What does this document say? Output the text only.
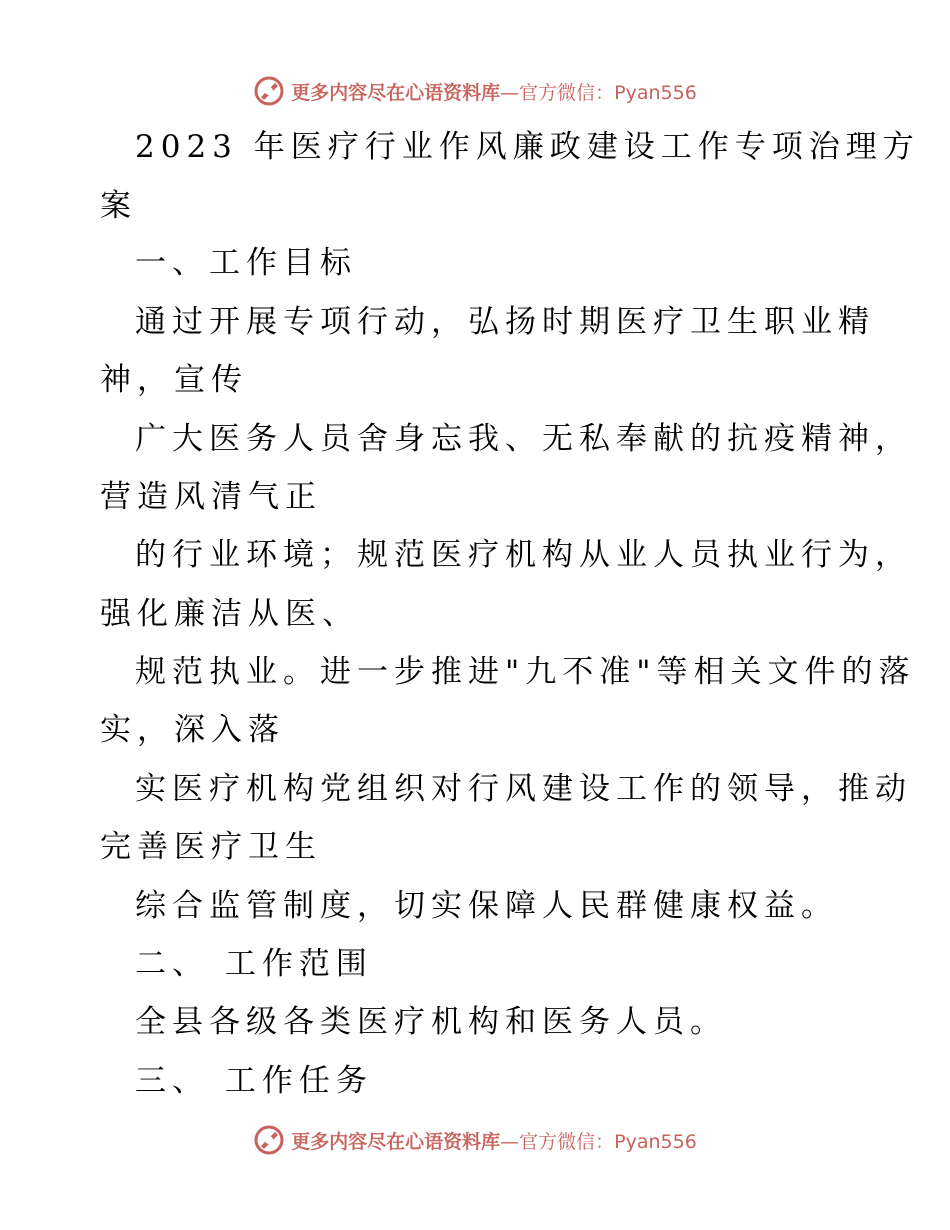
更多内容尽在心语资料库 —官方微信：Pyan556
2023 年医疗行业作风廉政建设工作专项治理方
案
一、工作目标
通过开展专项行动，弘扬时期医疗卫生职业精
神，宣传
广大医务人员舍身忘我、无私奉献的抗疫精神，
营造风清气正
的行业环境；规范医疗机构从业人员执业行为，
强化廉洁从医、
规范执业。进一步推进"九不准"等相关文件的落
实，深入落
实医疗机构党组织对行风建设工作的领导，推动
完善医疗卫生
综合监管制度，切实保障人民群健康权益。
二、 工作范围
全县各级各类医疗机构和医务人员。
三、 工作任务
更多内容尽在心语资料库 —官方微信：Pyan556
